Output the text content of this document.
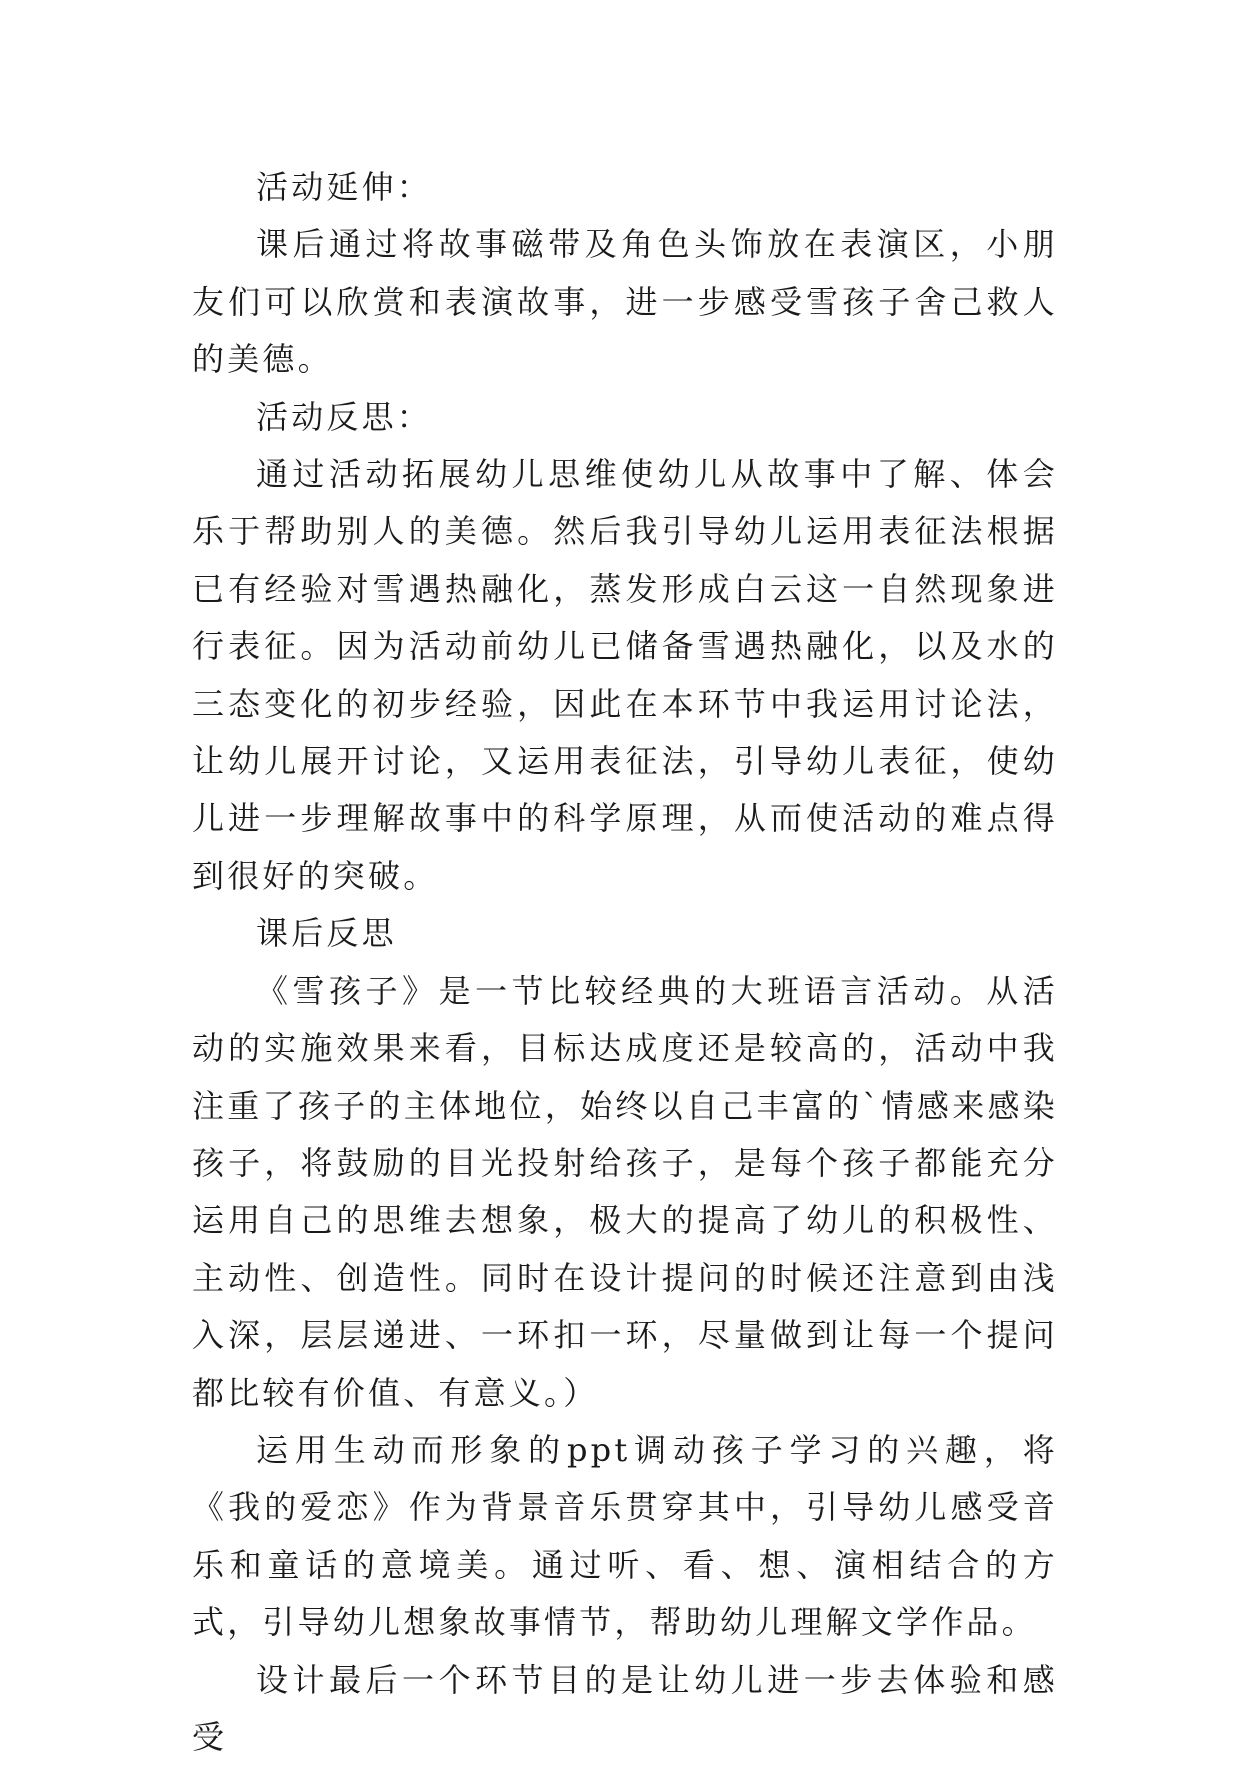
活动延伸：

课后通过将故事磁带及角色头饰放在表演区，小朋友们可以欣赏和表演故事，进一步感受雪孩子舍己救人的美德。

活动反思：

通过活动拓展幼儿思维使幼儿从故事中了解、体会乐于帮助别人的美德。然后我引导幼儿运用表征法根据已有经验对雪遇热融化，蒸发形成白云这一自然现象进行表征。因为活动前幼儿已储备雪遇热融化，以及水的三态变化的初步经验，因此在本环节中我运用讨论法，让幼儿展开讨论，又运用表征法，引导幼儿表征，使幼儿进一步理解故事中的科学原理，从而使活动的难点得到很好的突破。

课后反思

《雪孩子》是一节比较经典的大班语言活动。从活动的实施效果来看，目标达成度还是较高的，活动中我注重了孩子的主体地位，始终以自己丰富的`情感来感染孩子，将鼓励的目光投射给孩子，是每个孩子都能充分运用自己的思维去想象，极大的提高了幼儿的积极性、主动性、创造性。同时在设计提问的时候还注意到由浅入深，层层递进、一环扣一环，尽量做到让每一个提问都比较有价值、有意义。）

运用生动而形象的ppt调动孩子学习的兴趣，将《我的爱恋》作为背景音乐贯穿其中，引导幼儿感受音乐和童话的意境美。通过听、看、想、演相结合的方式，引导幼儿想象故事情节，帮助幼儿理解文学作品。

设计最后一个环节目的是让幼儿进一步去体验和感受
